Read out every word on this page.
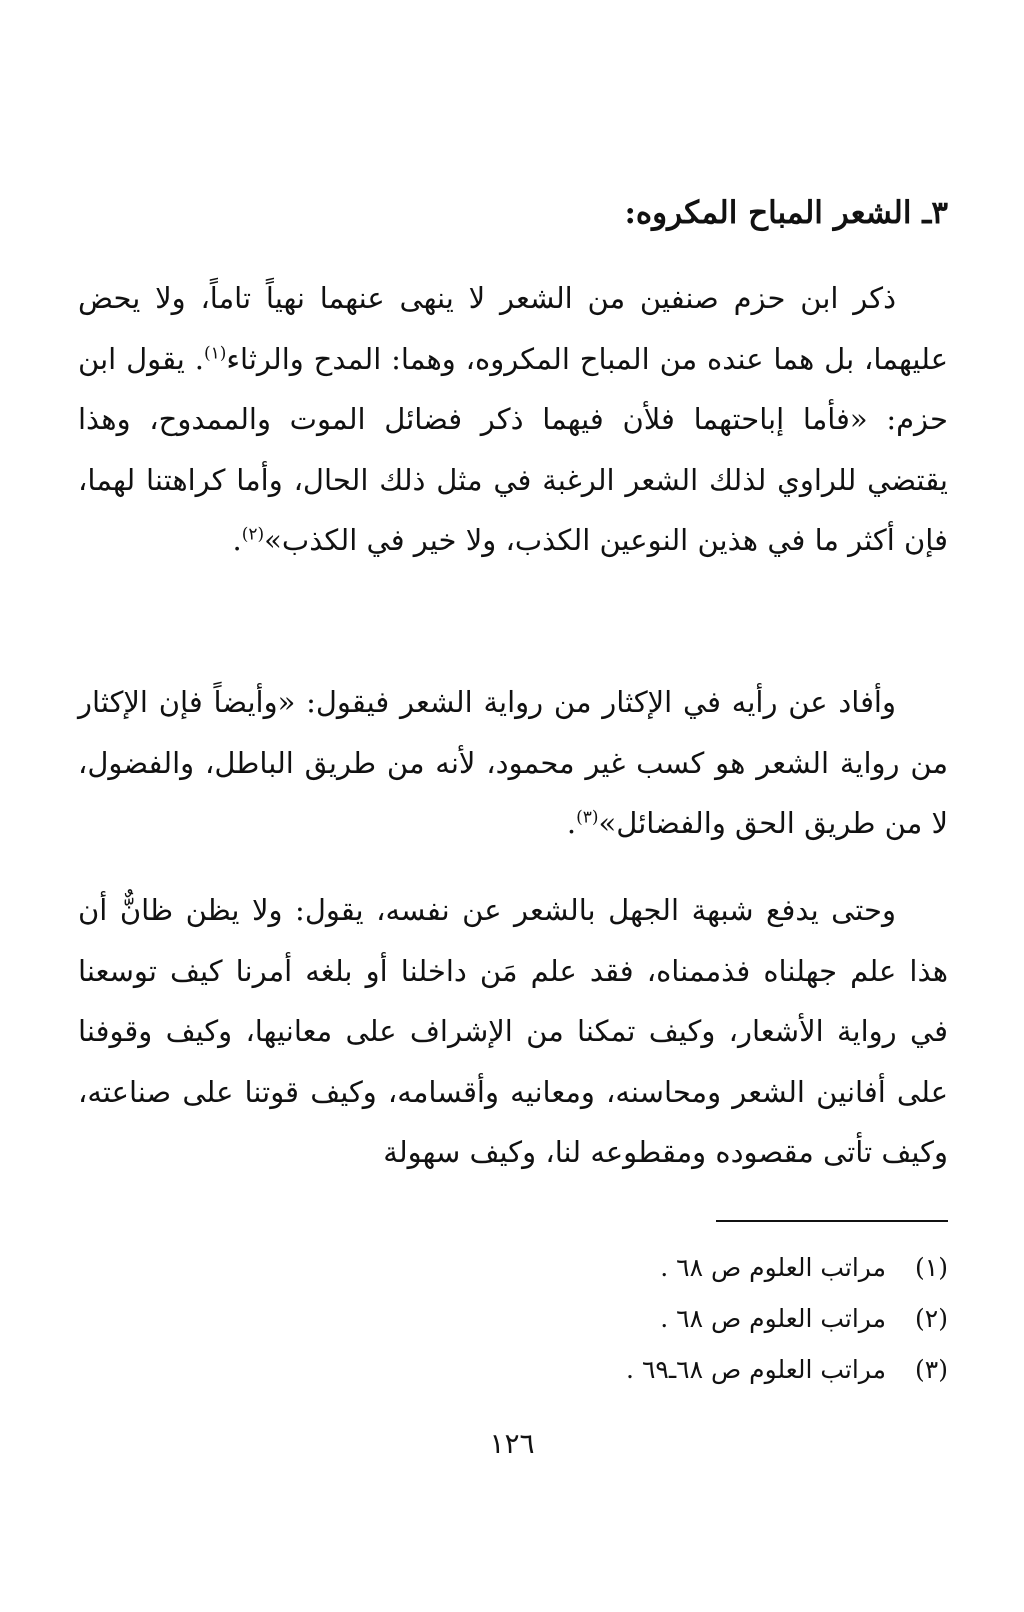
٣ـ الشعر المباح المكروه:

ذكر ابن حزم صنفين من الشعر لا ينهى عنهما نهياً تاماً، ولا يحض عليهما، بل هما عنده من المباح المكروه، وهما: المدح والرثاء$^{(١)}$. يقول ابن حزم: «فأما إباحتهما فلأن فيهما ذكر فضائل الموت والممدوح، وهذا يقتضي للراوي لذلك الشعر الرغبة في مثل ذلك الحال، وأما كراهتنا لهما، فإن أكثر ما في هذين النوعين الكذب، ولا خير في الكذب»$^{(٢)}$.

وأفاد عن رأيه في الإكثار من رواية الشعر فيقول: «وأيضاً فإن الإكثار من رواية الشعر هو كسب غير محمود، لأنه من طريق الباطل، والفضول، لا من طريق الحق والفضائل»$^{(٣)}$.

وحتى يدفع شبهة الجهل بالشعر عن نفسه، يقول: ولا يظن ظانٌّ أن هذا علم جهلناه فذممناه، فقد علم مَن داخلنا أو بلغه أمرنا كيف توسعنا في رواية الأشعار، وكيف تمكنا من الإشراف على معانيها، وكيف وقوفنا على أفانين الشعر ومحاسنه، ومعانيه وأقسامه، وكيف قوتنا على صناعته، وكيف تأتى مقصوده ومقطوعه لنا، وكيف سهولة

(١)
مراتب العلوم ص ٦٨ .
(٢)
مراتب العلوم ص ٦٨ .
(٣)
مراتب العلوم ص ٦٨ـ٦٩ .
١٢٦
